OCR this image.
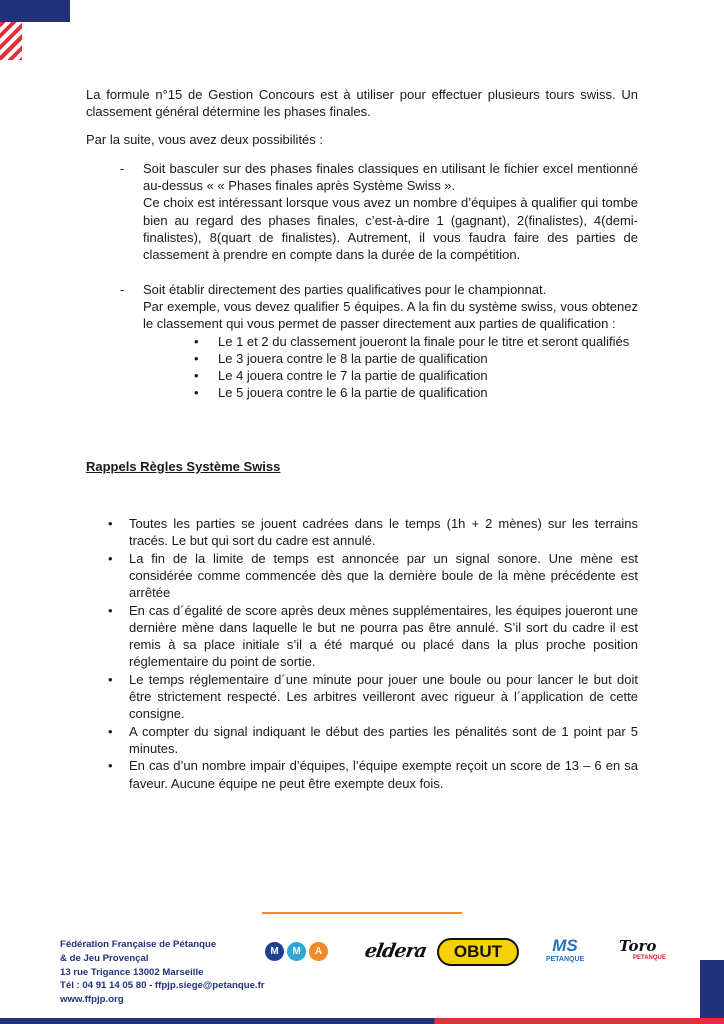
La formule n°15 de Gestion Concours est à utiliser pour effectuer plusieurs tours swiss. Un classement général détermine les phases finales.

Par la suite, vous avez deux possibilités :

- Soit basculer sur des phases finales classiques en utilisant le fichier excel mentionné au-dessus « « Phases finales après Système Swiss ».
Ce choix est intéressant lorsque vous avez un nombre d’équipes à qualifier qui tombe bien au regard des phases finales, c’est-à-dire 1 (gagnant), 2(finalistes), 4(demi-finalistes), 8(quart de finalistes). Autrement, il vous faudra faire des parties de classement à prendre en compte dans la durée de la compétition.
- Soit établir directement des parties qualificatives pour le championnat.
Par exemple, vous devez qualifier 5 équipes. A la fin du système swiss, vous obtenez le classement qui vous permet de passer directement aux parties de qualification :
• Le 1 et 2 du classement joueront la finale pour le titre et seront qualifiés
• Le 3 jouera contre le 8 la partie de qualification
• Le 4 jouera contre le 7 la partie de qualification
• Le 5 jouera contre le 6 la partie de qualification

Rappels Règles Système Swiss

• Toutes les parties se jouent cadrées dans le temps (1h + 2 mènes) sur les terrains tracés. Le but qui sort du cadre est annulé.
• La fin de la limite de temps est annoncée par un signal sonore. Une mène est considérée comme commencée dès que la dernière boule de la mène précédente est arrêtée
• En cas d´égalité de score après deux mènes supplémentaires, les équipes joueront une dernière mène dans laquelle le but ne pourra pas être annulé. S’il sort du cadre il est remis à sa place initiale s’il a été marqué ou placé dans la plus proche position réglementaire du point de sortie.
• Le temps réglementaire d´une minute pour jouer une boule ou pour lancer le but doit être strictement respecté. Les arbitres veilleront avec rigueur à l´application de cette consigne.
• A compter du signal indiquant le début des parties les pénalités sont de 1 point par 5 minutes.
• En cas d’un nombre impair d’équipes, l’équipe exempte reçoit un score de 13 – 6 en sa faveur. Aucune équipe ne peut être exempte deux fois.
Fédération Française de Pétanque
& de Jeu Provençal
13 rue Trigance 13002 Marseille
Tél : 04 91 14 05 80 - ffpjp.siege@petanque.fr
www.ffpjp.org
M	M	A	eldera	OBUT	MS
PETANQUE
Toro
PETANQUE
